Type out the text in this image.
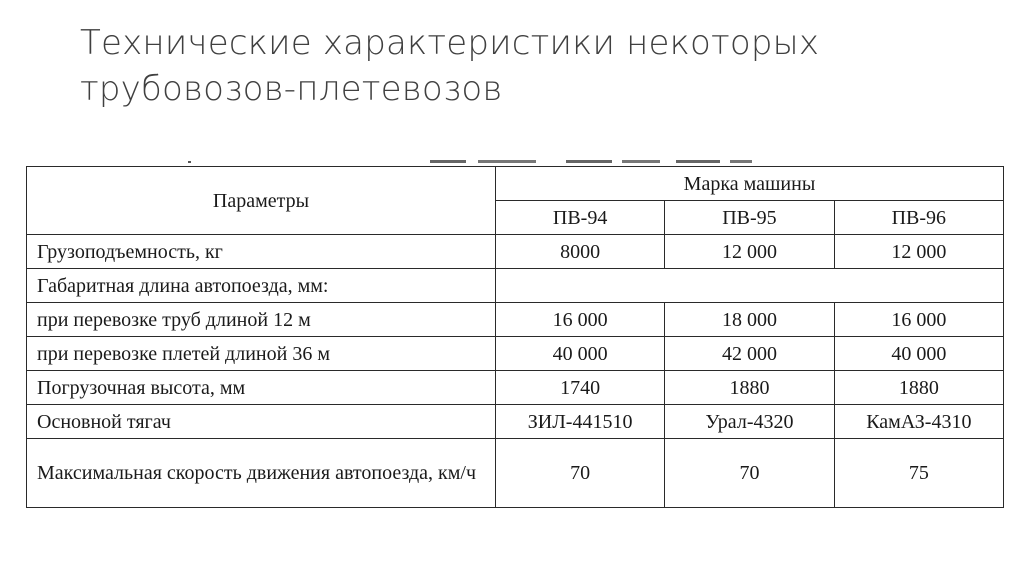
Технические характеристики некоторых
трубовозов-плетевозов
Параметры	Марка машины		
	ПВ-94	ПВ-95	ПВ-96
Грузоподъемность, кг	8000	12 000	12 000
Габаритная длина автопоезда, мм:			
при перевозке труб длиной 12 м	16 000	18 000	16 000
при перевозке плетей длиной 36 м	40 000	42 000	40 000
Погрузочная высота, мм	1740	1880	1880
Основной тягач	ЗИЛ-441510	Урал-4320	КамАЗ-4310
Максимальная скорость движения автопоезда, км/ч	70	70	75
